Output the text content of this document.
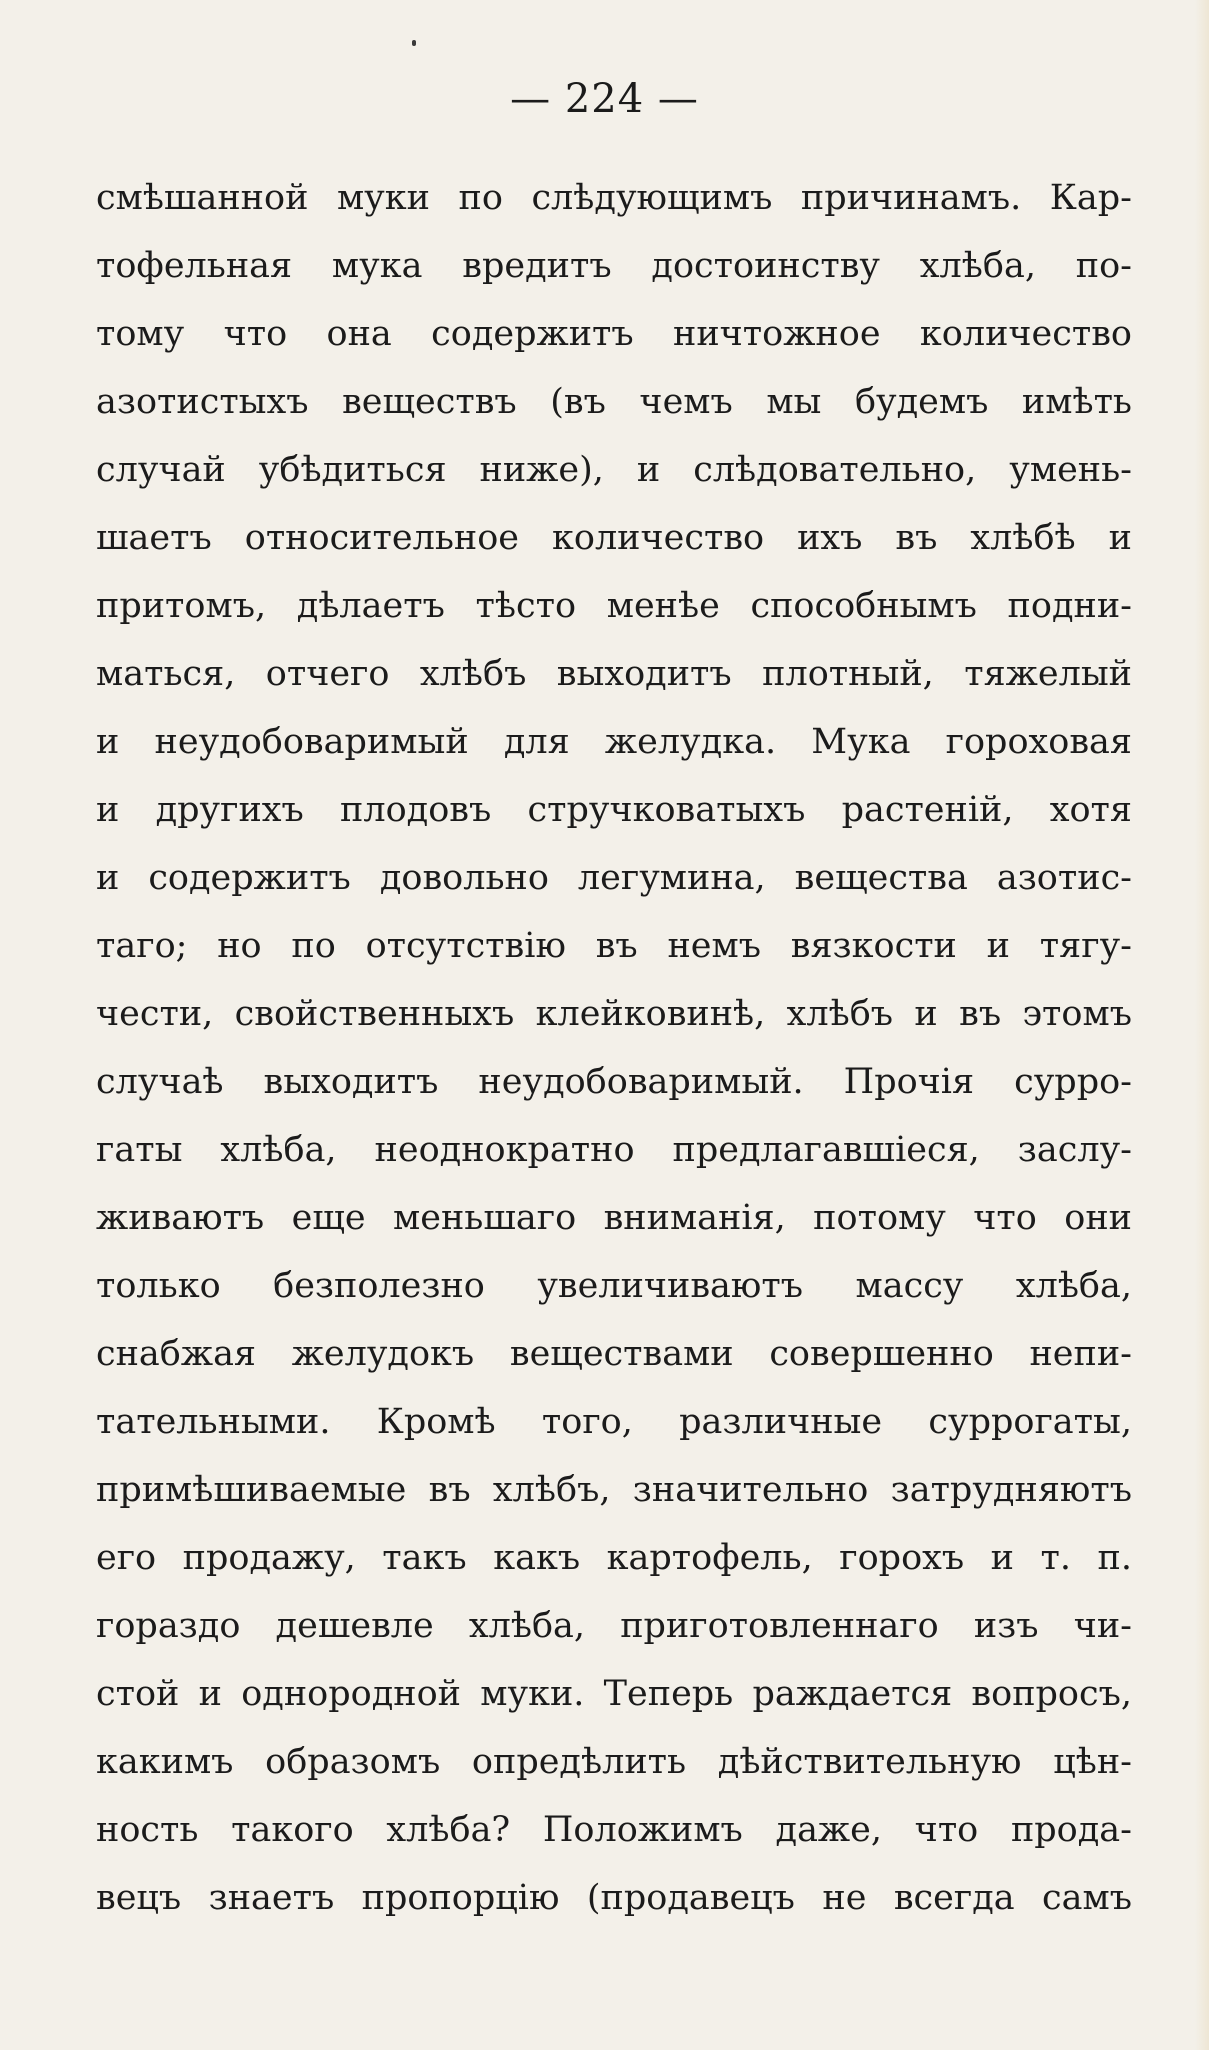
— 224 —
смѣшанной муки по слѣдующимъ причинамъ. Кар-
тофельная мука вредитъ достоинству хлѣба, по-
тому что она содержитъ ничтожное количество
азотистыхъ веществъ (въ чемъ мы будемъ имѣть
случай убѣдиться ниже), и слѣдовательно, умень-
шаетъ относительное количество ихъ въ хлѣбѣ и
притомъ, дѣлаетъ тѣсто менѣе способнымъ подни-
маться, отчего хлѣбъ выходитъ плотный, тяжелый
и неудобоваримый для желудка. Мука гороховая
и другихъ плодовъ стручковатыхъ растеній, хотя
и содержитъ довольно легумина, вещества азотис-
таго; но по отсутствію въ немъ вязкости и тягу-
чести, свойственныхъ клейковинѣ, хлѣбъ и въ этомъ
случаѣ выходитъ неудобоваримый. Прочія сурро-
гаты хлѣба, неоднократно предлагавшіеся, заслу-
живаютъ еще меньшаго вниманія, потому что они
только безполезно увеличиваютъ массу хлѣба,
снабжая желудокъ веществами совершенно непи-
тательными. Кромѣ того, различные суррогаты,
примѣшиваемые въ хлѣбъ, значительно затрудняютъ
его продажу, такъ какъ картофель, горохъ и т. п.
гораздо дешевле хлѣба, приготовленнаго изъ чи-
стой и однородной муки. Теперь раждается вопросъ,
какимъ образомъ опредѣлить дѣйствительную цѣн-
ность такого хлѣба? Положимъ даже, что прода-
вецъ знаетъ пропорцію (продавецъ не всегда самъ
